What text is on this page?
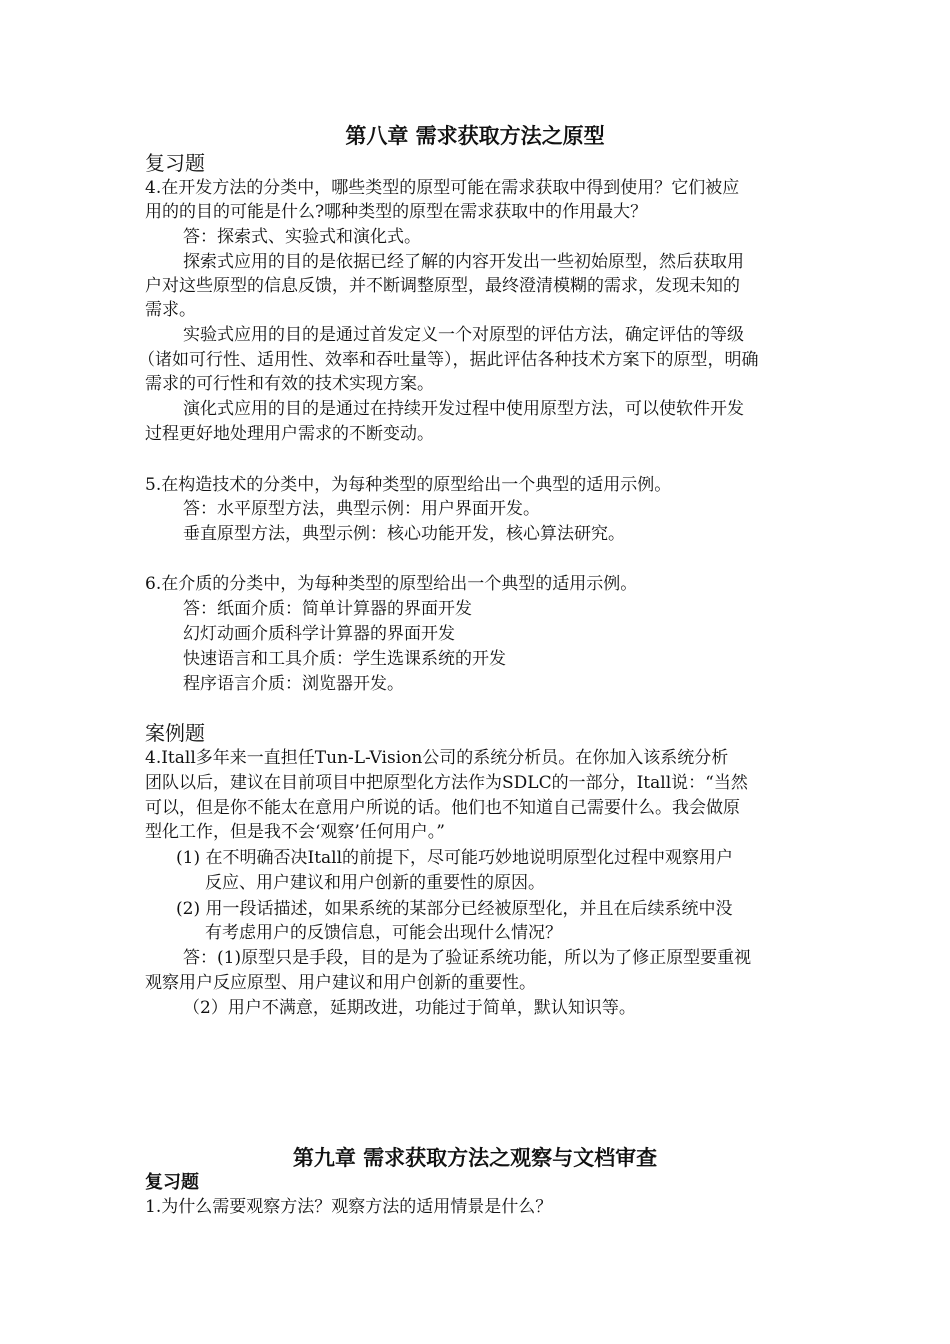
第八章 需求获取方法之原型
复习题
4.在开发方法的分类中，哪些类型的原型可能在需求获取中得到使用？它们被应
用的的目的可能是什么?哪种类型的原型在需求获取中的作用最大？
答：探索式、实验式和演化式。
探索式应用的目的是依据已经了解的内容开发出一些初始原型，然后获取用
户对这些原型的信息反馈，并不断调整原型，最终澄清模糊的需求，发现未知的
需求。
实验式应用的目的是通过首发定义一个对原型的评估方法，确定评估的等级
（诸如可行性、适用性、效率和吞吐量等），据此评估各种技术方案下的原型，明确
需求的可行性和有效的技术实现方案。
演化式应用的目的是通过在持续开发过程中使用原型方法，可以使软件开发
过程更好地处理用户需求的不断变动。
5.在构造技术的分类中，为每种类型的原型给出一个典型的适用示例。
答：水平原型方法，典型示例：用户界面开发。
垂直原型方法，典型示例：核心功能开发，核心算法研究。
6.在介质的分类中，为每种类型的原型给出一个典型的适用示例。
答：纸面介质：简单计算器的界面开发
幻灯动画介质科学计算器的界面开发
快速语言和工具介质：学生选课系统的开发
程序语言介质：浏览器开发。
案例题
4.Itall多年来一直担任Tun-L-Vision公司的系统分析员。在你加入该系统分析
团队以后，建议在目前项目中把原型化方法作为SDLC的一部分，Itall说：“当然
可以，但是你不能太在意用户所说的话。他们也不知道自己需要什么。我会做原
型化工作，但是我不会‘观察’任何用户。”
(1) 在不明确否决Itall的前提下，尽可能巧妙地说明原型化过程中观察用户
反应、用户建议和用户创新的重要性的原因。
(2) 用一段话描述，如果系统的某部分已经被原型化，并且在后续系统中没
有考虑用户的反馈信息，可能会出现什么情况？
答：(1)原型只是手段，目的是为了验证系统功能，所以为了修正原型要重视
观察用户反应原型、用户建议和用户创新的重要性。
（2）用户不满意，延期改进，功能过于简单，默认知识等。
第九章 需求获取方法之观察与文档审查
复习题
1.为什么需要观察方法？观察方法的适用情景是什么？
